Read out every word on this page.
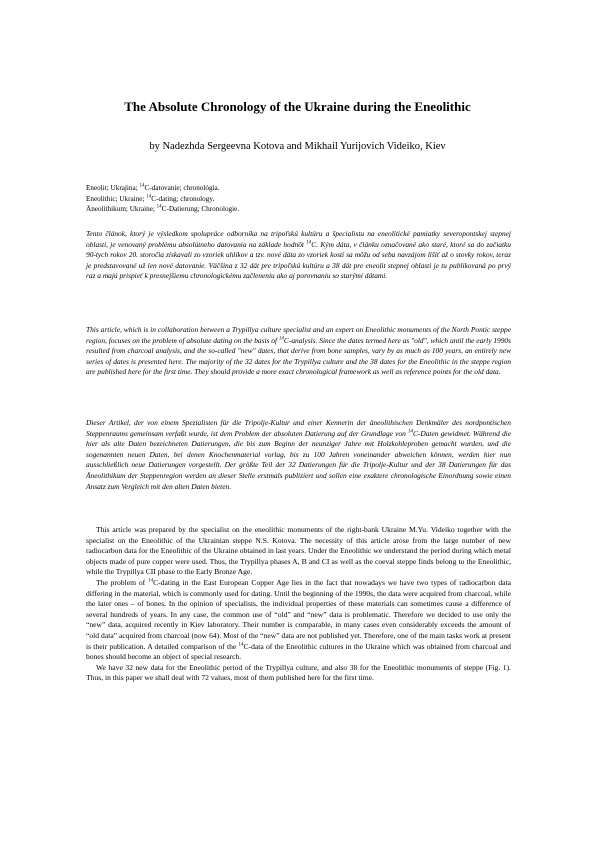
The Absolute Chronology of the Ukraine during the Eneolithic
by Nadezhda Sergeevna Kotova and Mikhail Yurijovich Videiko, Kiev
Eneolit; Ukrajina; $^{14}$C-datovanie; chronológia.
Eneolithic; Ukraine; $^{14}$C-dating; chronology.
Äneolithikum; Ukraine; $^{14}$C-Datierung; Chronologie.

Tento článok, ktorý je výsledkom spolupráce odborníka na tripoľskú kultúru a špecialistu na eneolitické pamiatky severopontskej stepnej oblasti, je venovaný problému absolútneho datovania na základe hodnôt $^{14}$C. Kým dáta, v článku označované ako staré, ktoré sa do začiatku 90-tych rokov 20. storočia získavali zo vzoriek uhlíkov a tzv. nové dáta zo vzoriek kostí sa môžu od seba navzájom líšiť až o stovky rokov, teraz je predstavované už len nové datovanie. Väčšina z 32 dát pre tripoľskú kultúru a 38 dát pre eneolit stepnej oblasti je tu publikovaná po prvý raz a majú prispieť k presnejšiemu chronologickému začleneniu ako aj porovnaniu so starými dátami.

This article, which is in collaboration between a Trypillya culture specialist and an expert on Eneolithic monuments of the North Pontic steppe region, focuses on the problem of absolute dating on the basis of $^{14}$C-analysis. Since the dates termed here as "old", which until the early 1990s resulted from charcoal analysis, and the so-called "new" dates, that derive from bone samples, vary by as much as 100 years, an entirely new series of dates is presented here. The majority of the 32 dates for the Trypillya culture and the 38 dates for the Eneolithic in the steppe region are published here for the first time. They should provide a more exact chronological framework as well as reference points for the old data.

Dieser Artikel, der von einem Spezialisten für die Tripolje-Kultur und einer Kennerin der äneolithischen Denkmäler des nordpontischen Steppenraums gemeinsam verfaßt wurde, ist dem Problem der absoluten Datierung auf der Grundlage von $^{14}$C-Daten gewidmet. Während die hier als alte Daten bezeichneten Datierungen, die bis zum Beginn der neunziger Jahre mit Holzkohleproben gemacht wurden, und die sogenannten neuen Daten, bei denen Knochenmaterial vorlag, bis zu 100 Jahren voneinander abweichen können, werden hier nun ausschließlich neue Datierungen vorgestellt. Der größte Teil der 32 Datierungen für die Tripolje-Kultur und der 38 Datierungen für das Äneolithikum der Steppenregion werden an dieser Stelle erstmals publiziert und sollen eine exaktere chronologische Einordnung sowie einen Ansatz zum Vergleich mit den alten Daten bieten.

This article was prepared by the specialist on the eneolithic monuments of the right-bank Ukraine M.Yu. Videiko together with the specialist on the Eneolithic of the Ukrainian steppe N.S. Kotova. The necessity of this article arose from the large number of new radiocarbon data for the Eneolithic of the Ukraine obtained in last years. Under the Eneolithic we understand the period during which metal objects made of pure copper were used. Thus, the Trypillya phases A, B and CI as well as the coeval steppe finds belong to the Eneolithic, while the Trypillya CII phase to the Early Bronze Age.

The problem of $^{14}$C-dating in the East European Copper Age lies in the fact that nowadays we have two types of radiocarbon data differing in the material, which is commonly used for dating. Until the beginning of the 1990s, the data were acquired from charcoal, while the later ones – of bones. In the opinion of specialists, the individual properties of these materials can sometimes cause a difference of several hundreds of years. In any case, the common use of “old” and “new” data is problematic. Therefore we decided to use only the “new” data, acquired recently in Kiev laboratory. Their number is comparable, in many cases even considerably exceeds the amount of “old data” acquired from charcoal (now 64). Most of the “new” data are not published yet. Therefore, one of the main tasks work at present is their publication. A detailed comparison of the $^{14}$C-data of the Eneolithic cultures in the Ukraine which was obtained from charcoal and bones should become an object of special research.

We have 32 new data for the Eneolithic period of the Trypillya culture, and also 38 for the Eneolithic monuments of steppe (Fig. 1). Thus, in this paper we shall deal with 72 values, most of them published here for the first time.
